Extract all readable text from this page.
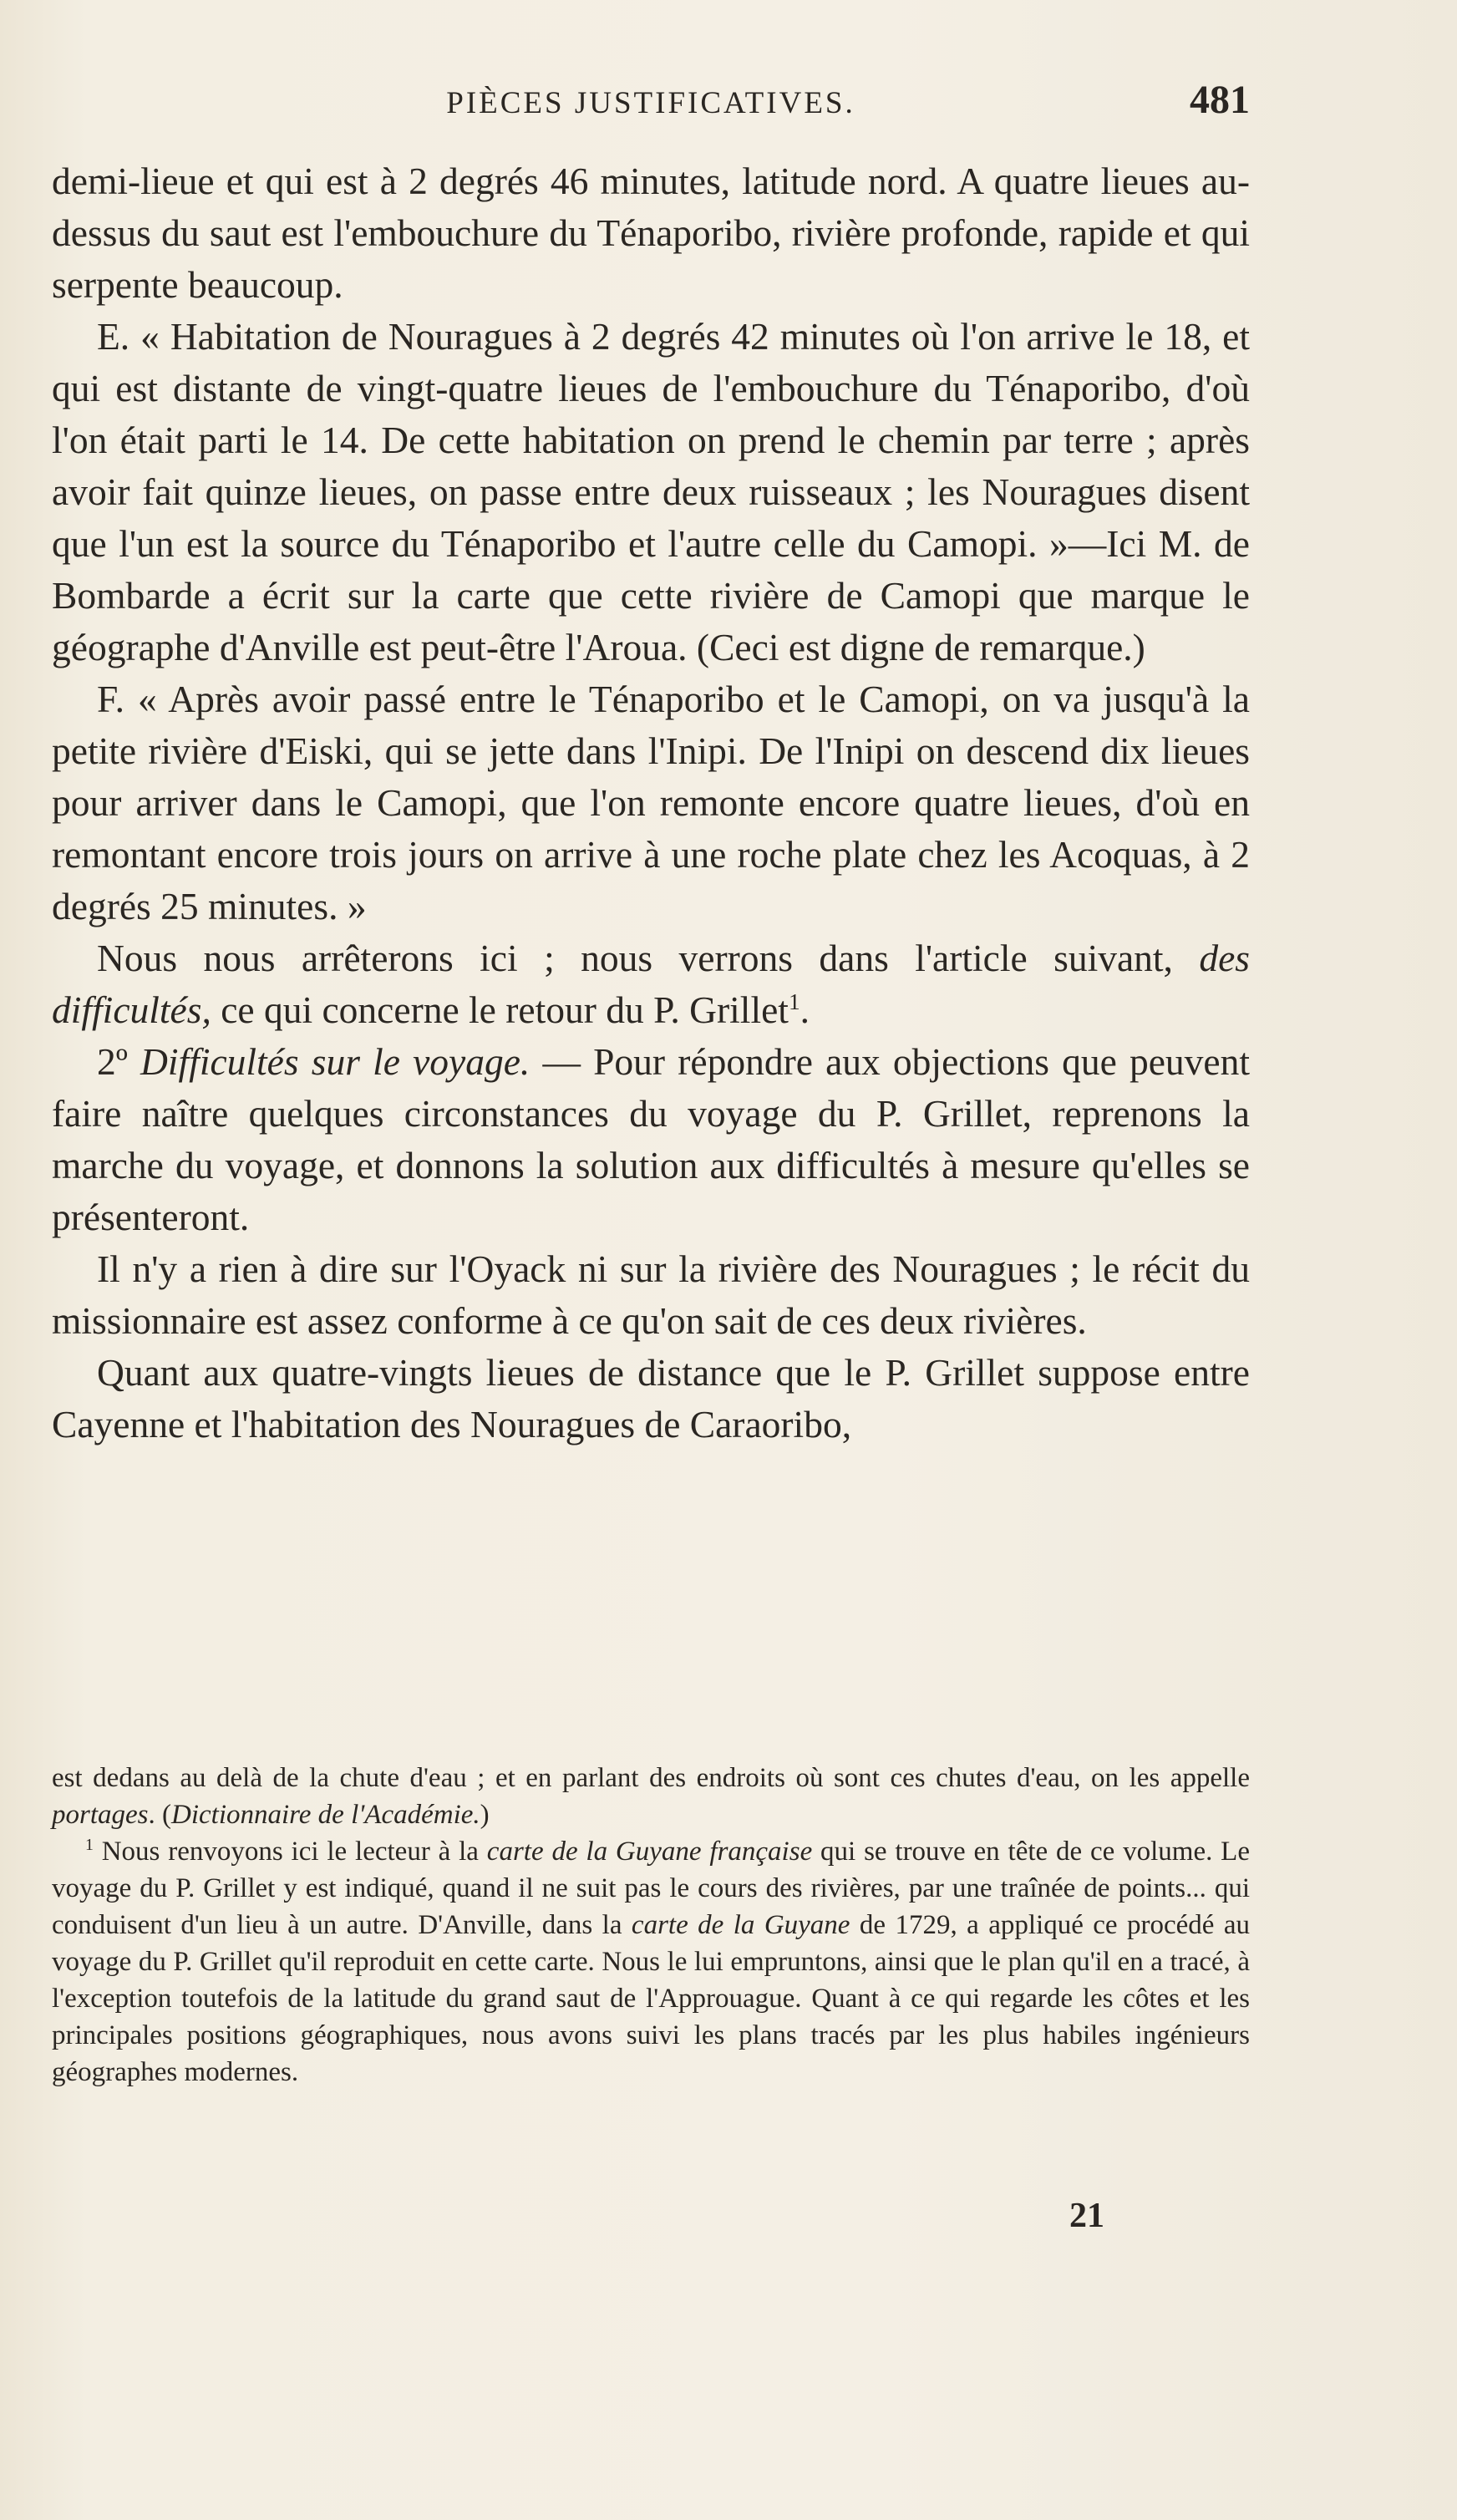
PIÈCES JUSTIFICATIVES.	481

demi-lieue et qui est à 2 degrés 46 minutes, latitude nord. A quatre lieues au-dessus du saut est l'embouchure du Ténaporibo, rivière profonde, rapide et qui serpente beaucoup.

E. « Habitation de Nouragues à 2 degrés 42 minutes où l'on arrive le 18, et qui est distante de vingt-quatre lieues de l'embouchure du Ténaporibo, d'où l'on était parti le 14. De cette habitation on prend le chemin par terre ; après avoir fait quinze lieues, on passe entre deux ruisseaux ; les Nouragues disent que l'un est la source du Ténaporibo et l'autre celle du Camopi. »—Ici M. de Bombarde a écrit sur la carte que cette rivière de Camopi que marque le géographe d'Anville est peut-être l'Aroua. (Ceci est digne de remarque.)

F. « Après avoir passé entre le Ténaporibo et le Camopi, on va jusqu'à la petite rivière d'Eiski, qui se jette dans l'Inipi. De l'Inipi on descend dix lieues pour arriver dans le Camopi, que l'on remonte encore quatre lieues, d'où en remontant encore trois jours on arrive à une roche plate chez les Acoquas, à 2 degrés 25 minutes. »

Nous nous arrêterons ici ; nous verrons dans l'article suivant, des difficultés, ce qui concerne le retour du P. Grillet$^1$.

2º Difficultés sur le voyage. — Pour répondre aux objections que peuvent faire naître quelques circonstances du voyage du P. Grillet, reprenons la marche du voyage, et donnons la solution aux difficultés à mesure qu'elles se présenteront.

Il n'y a rien à dire sur l'Oyack ni sur la rivière des Nouragues ; le récit du missionnaire est assez conforme à ce qu'on sait de ces deux rivières.

Quant aux quatre-vingts lieues de distance que le P. Grillet suppose entre Cayenne et l'habitation des Nouragues de Caraoribo,

est dedans au delà de la chute d'eau ; et en parlant des endroits où sont ces chutes d'eau, on les appelle portages. (Dictionnaire de l'Académie.)

$^1$ Nous renvoyons ici le lecteur à la carte de la Guyane française qui se trouve en tête de ce volume. Le voyage du P. Grillet y est indiqué, quand il ne suit pas le cours des rivières, par une traînée de points... qui conduisent d'un lieu à un autre. D'Anville, dans la carte de la Guyane de 1729, a appliqué ce procédé au voyage du P. Grillet qu'il reproduit en cette carte. Nous le lui empruntons, ainsi que le plan qu'il en a tracé, à l'exception toutefois de la latitude du grand saut de l'Approuague. Quant à ce qui regarde les côtes et les principales positions géographiques, nous avons suivi les plans tracés par les plus habiles ingénieurs géographes modernes.

21
